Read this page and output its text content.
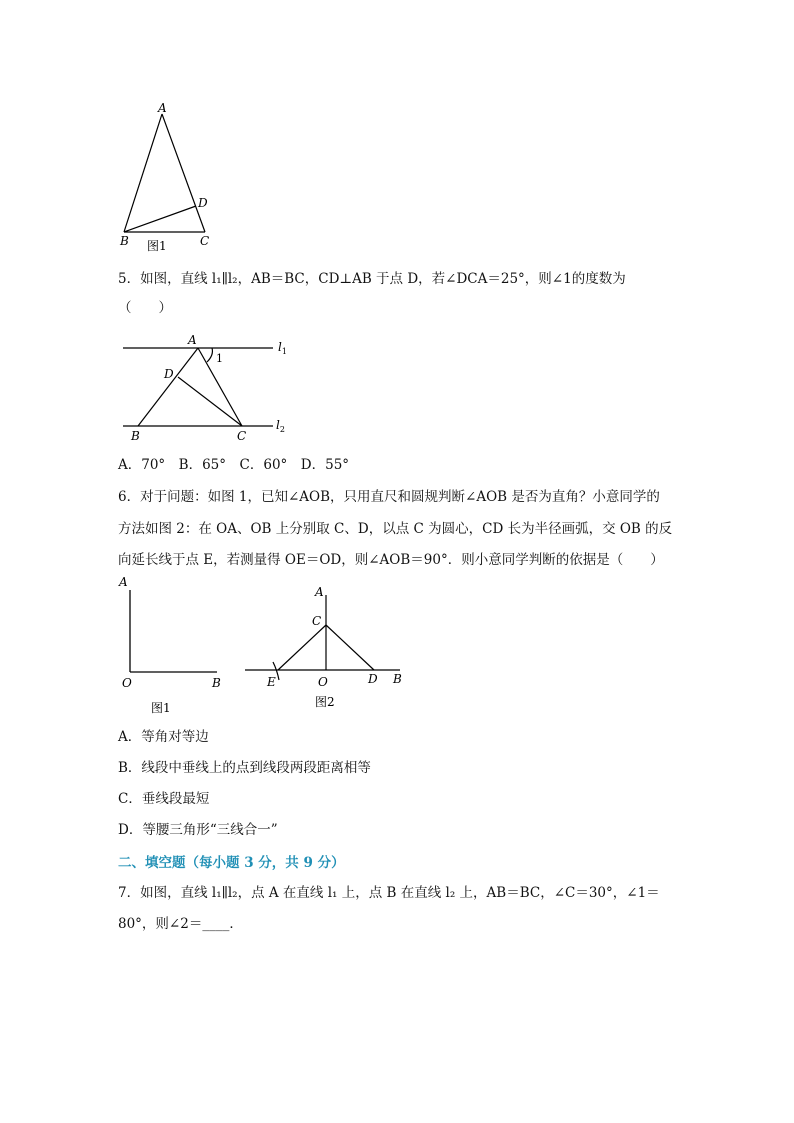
A
D
B	C
图1
5．如图，直线 l₁∥l₂，AB＝BC，CD⊥AB 于点 D，若∠DCA＝25°，则∠1的度数为
（　　）
A
1
D
B	C
$l_1$
$l_2$
A．70°　B．65°　C．60°　D．55°
6．对于问题：如图 1，已知∠AOB，只用直尺和圆规判断∠AOB 是否为直角？小意同学的
方法如图 2：在 OA、OB 上分别取 C、D，以点 C 为圆心，CD 长为半径画弧，交 OB 的反
向延长线于点 E，若测量得 OE＝OD，则∠AOB＝90°．则小意同学判断的依据是（　　）
A
O	B
图1
A
C
E	O	D B
图2
A．等角对等边
B．线段中垂线上的点到线段两段距离相等
C．垂线段最短
D．等腰三角形“三线合一”
二、填空题（每小题 3 分，共 9 分）
7．如图，直线 l₁∥l₂，点 A 在直线 l₁ 上，点 B 在直线 l₂ 上，AB＝BC，∠C＝30°，∠1＝
80°，则∠2＝____．
